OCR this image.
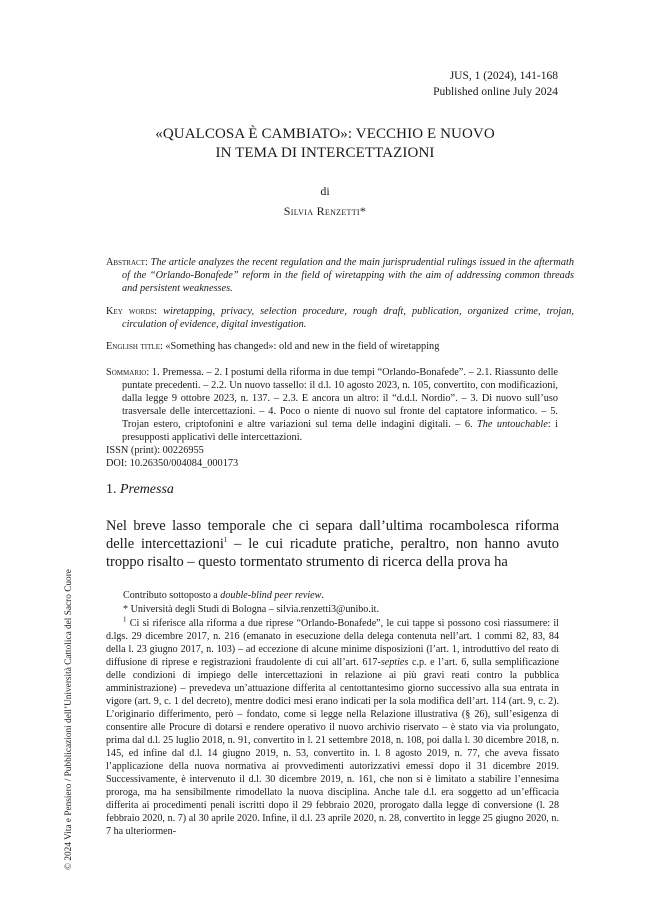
JUS, 1 (2024), 141-168
Published online July 2024
«QUALCOSA È CAMBIATO»: VECCHIO E NUOVO
IN TEMA DI INTERCETTAZIONI
di
Silvia Renzetti*
Abstract: The article analyzes the recent regulation and the main jurisprudential rulings issued in the aftermath of the “Orlando-Bonafede” reform in the field of wiretapping with the aim of addressing common threads and persistent weaknesses.
Key words: wiretapping, privacy, selection procedure, rough draft, publication, organized crime, trojan, circulation of evidence, digital investigation.
English title: «Something has changed»: old and new in the field of wiretapping
Sommario: 1. Premessa. – 2. I postumi della riforma in due tempi “Orlando-Bonafede”. – 2.1. Riassunto delle puntate precedenti. – 2.2. Un nuovo tassello: il d.l. 10 agosto 2023, n. 105, convertito, con modificazioni, dalla legge 9 ottobre 2023, n. 137. – 2.3. E ancora un altro: il “d.d.l. Nordio”. – 3. Di nuovo sull’uso trasversale delle intercettazioni. – 4. Poco o niente di nuovo sul fronte del captatore informatico. – 5. Trojan estero, criptofonini e altre variazioni sul tema delle indagini digitali. – 6. The untouchable: i presupposti applicativi delle intercettazioni.
ISSN (print): 00226955
DOI: 10.26350/004084_000173
1. Premessa
Nel breve lasso temporale che ci separa dall’ultima rocambolesca riforma delle intercettazioni$^1$ – le cui ricadute pratiche, peraltro, non hanno avuto troppo risalto – questo tormentato strumento di ricerca della prova ha
Contributo sottoposto a double-blind peer review.
* Università degli Studi di Bologna – silvia.renzetti3@unibo.it.
$^1$ Ci si riferisce alla riforma a due riprese “Orlando-Bonafede”, le cui tappe si possono così riassumere: il d.lgs. 29 dicembre 2017, n. 216 (emanato in esecuzione della delega contenuta nell’art. 1 commi 82, 83, 84 della l. 23 giugno 2017, n. 103) – ad eccezione di alcune minime disposizioni (l’art. 1, introduttivo del reato di diffusione di riprese e registrazioni fraudolente di cui all’art. 617-septies c.p. e l’art. 6, sulla semplificazione delle condizioni di impiego delle intercettazioni in relazione ai più gravi reati contro la pubblica amministrazione) – prevedeva un’attuazione differita al centottantesimo giorno successivo alla sua entrata in vigore (art. 9, c. 1 del decreto), mentre dodici mesi erano indicati per la sola modifica dell’art. 114 (art. 9, c. 2). L’originario differimento, però – fondato, come si legge nella Relazione illustrativa (§ 26), sull’esigenza di consentire alle Procure di dotarsi e rendere operativo il nuovo archivio riservato – è stato via via prolungato, prima dal d.l. 25 luglio 2018, n. 91, convertito in l. 21 settembre 2018, n. 108, poi dalla l. 30 dicembre 2018, n. 145, ed infine dal d.l. 14 giugno 2019, n. 53, convertito in. l. 8 agosto 2019, n. 77, che aveva fissato l’applicazione della nuova normativa ai provvedimenti autorizzativi emessi dopo il 31 dicembre 2019. Successivamente, è intervenuto il d.l. 30 dicembre 2019, n. 161, che non si è limitato a stabilire l’ennesima proroga, ma ha sensibilmente rimodellato la nuova disciplina. Anche tale d.l. era soggetto ad un’efficacia differita ai procedimenti penali iscritti dopo il 29 febbraio 2020, prorogato dalla legge di conversione (l. 28 febbraio 2020, n. 7) al 30 aprile 2020. Infine, il d.l. 23 aprile 2020, n. 28, convertito in legge 25 giugno 2020, n. 7 ha ulteriormen-
© 2024 Vita e Pensiero / Pubblicazioni dell’Università Cattolica del Sacro Cuore
